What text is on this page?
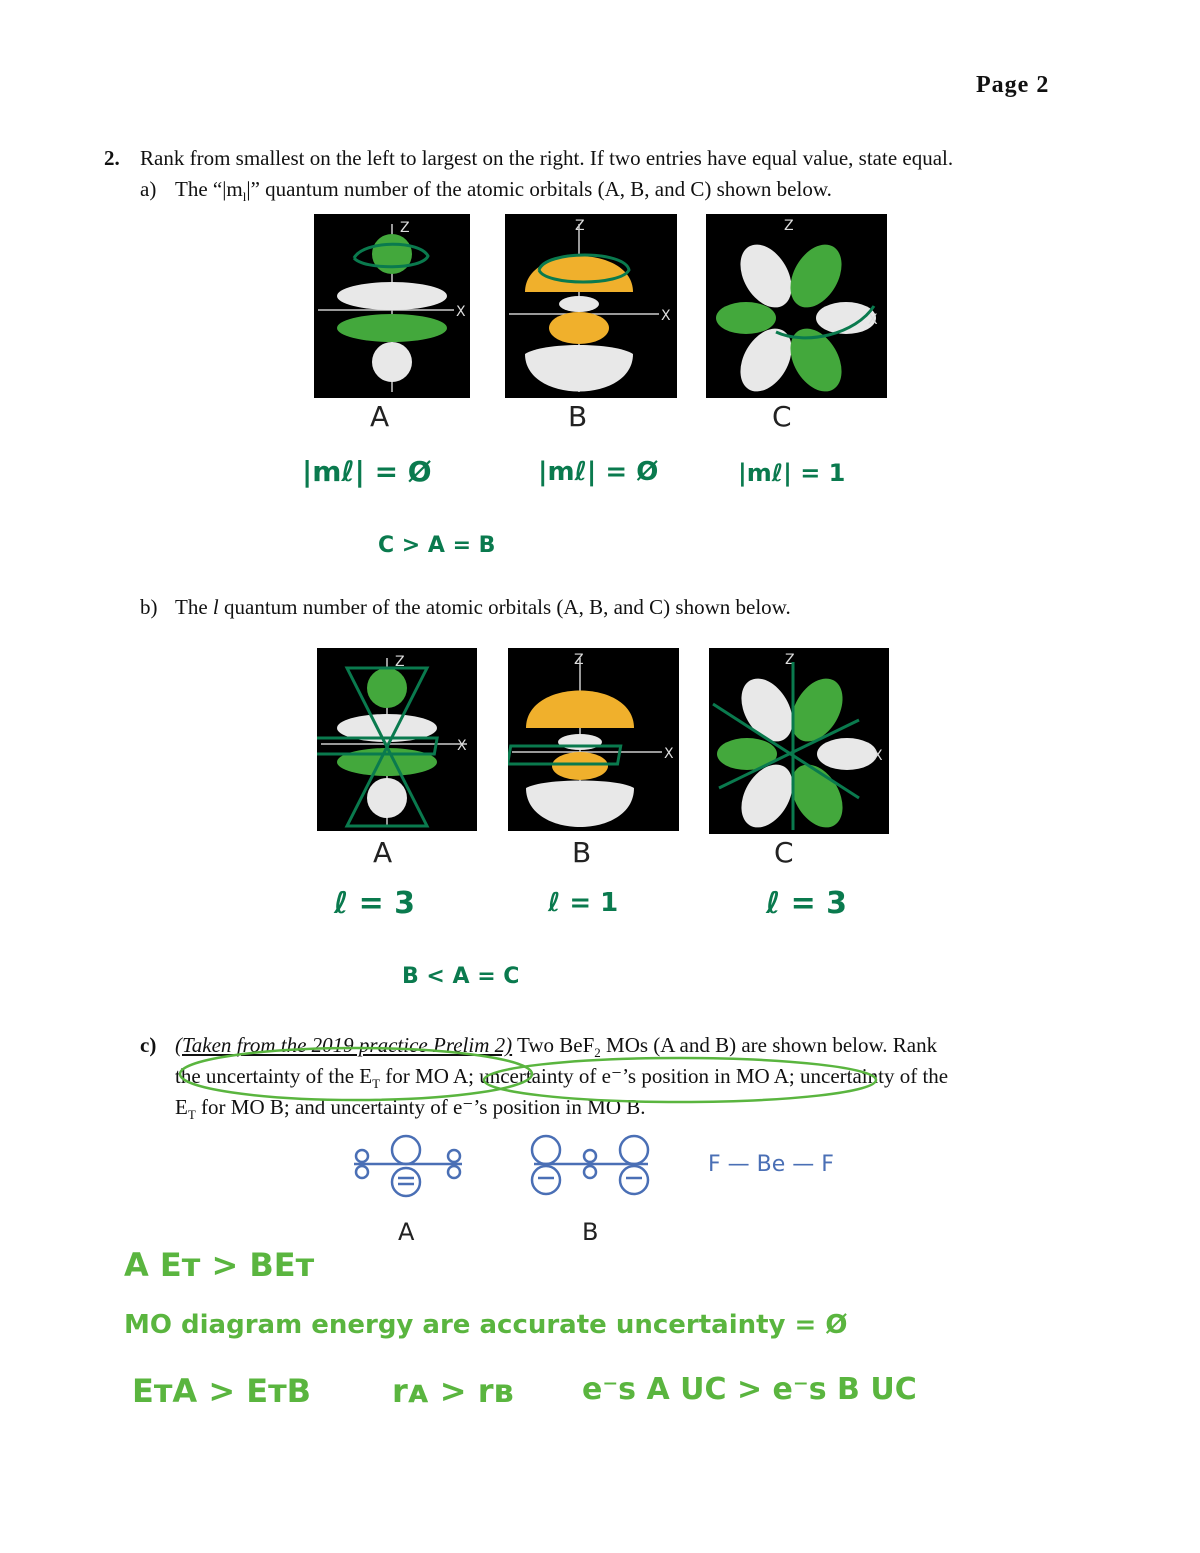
Page 2
2. Rank from smallest on the left to largest on the right. If two entries have equal value, state equal.
a) The “$|m_l|$” quantum number of the atomic orbitals (A, B, and C) shown below.
Z
X
Z
X
Z
X
A	B	C
|mℓ| = Ø	|mℓ| = Ø	|mℓ| = 1
C > A = B
b) The l quantum number of the atomic orbitals (A, B, and C) shown below.
Z
X
Z
X
Z
X
A	B	C
ℓ = 3	ℓ = 1	ℓ = 3
B < A = C
c) (Taken from the 2019 practice Prelim 2) Two BeF$_2$ MOs (A and B) are shown below. Rank
the uncertainty of the $E_T$ for MO A; uncertainty of e⁻’s position in MO A; uncertainty of the
$E_T$ for MO B; and uncertainty of e⁻’s position in MO B.
F — Be — F
A	B
A Eᴛ > BEᴛ
MO diagram energy are accurate uncertainty = Ø
EᴛA > EᴛB	rᴀ > rʙ e⁻s A UC > e⁻s B UC
